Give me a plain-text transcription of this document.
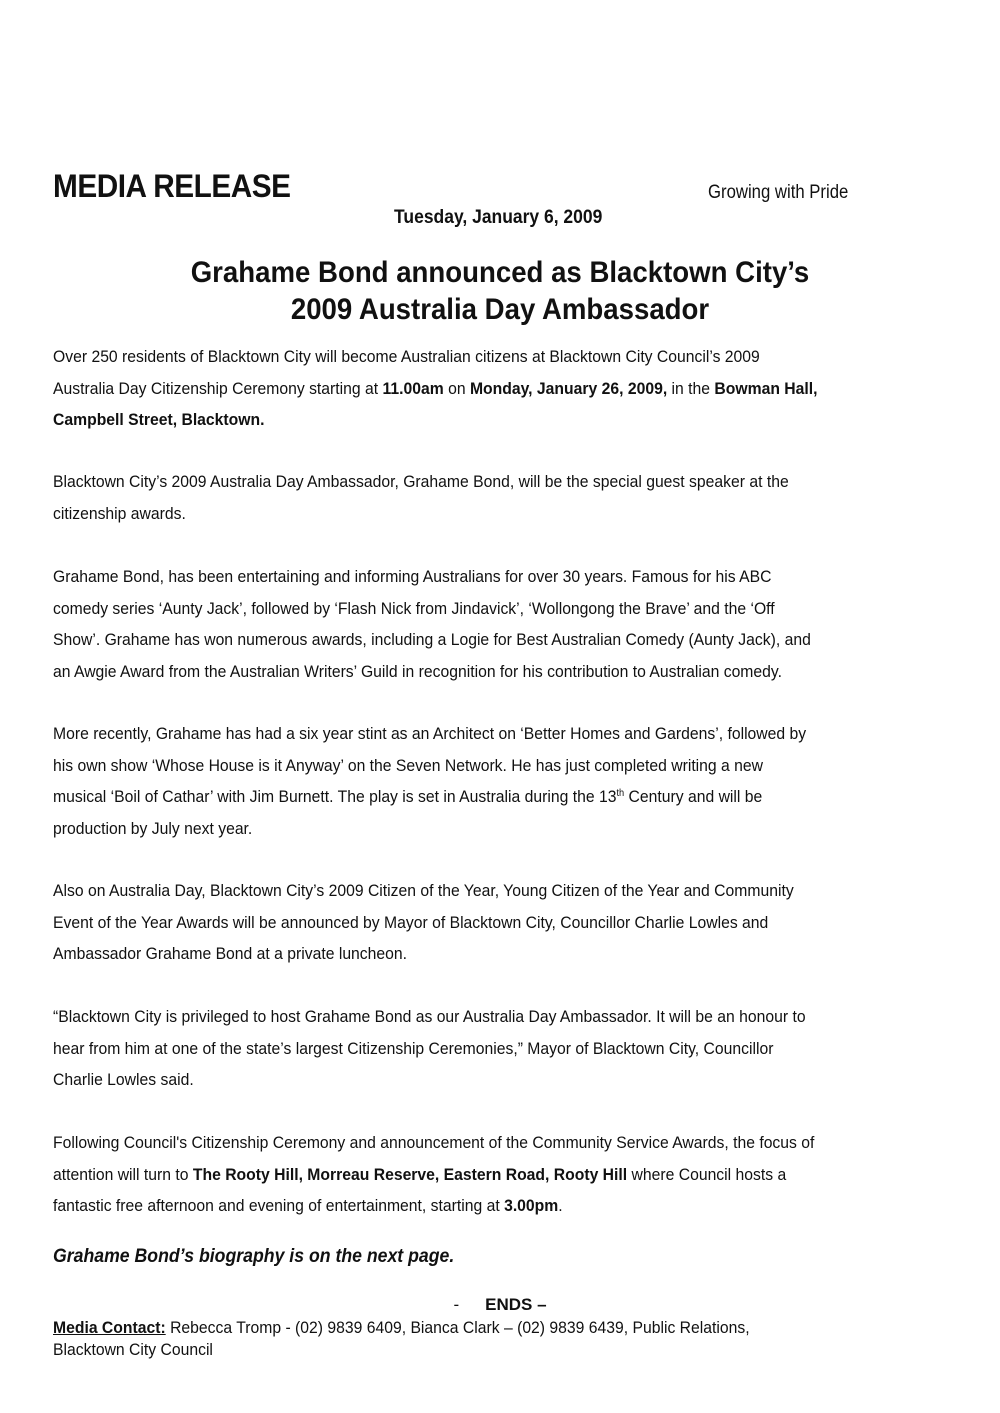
MEDIA RELEASE	Growing with Pride
Tuesday, January 6, 2009
Grahame Bond announced as Blacktown City’s
2009 Australia Day Ambassador
Over 250 residents of Blacktown City will become Australian citizens at Blacktown City Council’s 2009
Australia Day Citizenship Ceremony starting at 11.00am on Monday, January 26, 2009, in the Bowman Hall,
Campbell Street, Blacktown.
Blacktown City’s 2009 Australia Day Ambassador, Grahame Bond, will be the special guest speaker at the
citizenship awards.
Grahame Bond, has been entertaining and informing Australians for over 30 years. Famous for his ABC
comedy series ‘Aunty Jack’, followed by ‘Flash Nick from Jindavick’, ‘Wollongong the Brave’ and the ‘Off
Show’. Grahame has won numerous awards, including a Logie for Best Australian Comedy (Aunty Jack), and
an Awgie Award from the Australian Writers’ Guild in recognition for his contribution to Australian comedy.
More recently, Grahame has had a six year stint as an Architect on ‘Better Homes and Gardens’, followed by
his own show ‘Whose House is it Anyway’ on the Seven Network. He has just completed writing a new
musical ‘Boil of Cathar’ with Jim Burnett. The play is set in Australia during the 13th Century and will be
production by July next year.
Also on Australia Day, Blacktown City’s 2009 Citizen of the Year, Young Citizen of the Year and Community
Event of the Year Awards will be announced by Mayor of Blacktown City, Councillor Charlie Lowles and
Ambassador Grahame Bond at a private luncheon.
“Blacktown City is privileged to host Grahame Bond as our Australia Day Ambassador. It will be an honour to
hear from him at one of the state’s largest Citizenship Ceremonies,” Mayor of Blacktown City, Councillor
Charlie Lowles said.
Following Council's Citizenship Ceremony and announcement of the Community Service Awards, the focus of
attention will turn to The Rooty Hill, Morreau Reserve, Eastern Road, Rooty Hill where Council hosts a
fantastic free afternoon and evening of entertainment, starting at 3.00pm.
Grahame Bond’s biography is on the next page.
- ENDS –
Media Contact: Rebecca Tromp - (02) 9839 6409, Bianca Clark – (02) 9839 6439, Public Relations,
Blacktown City Council
